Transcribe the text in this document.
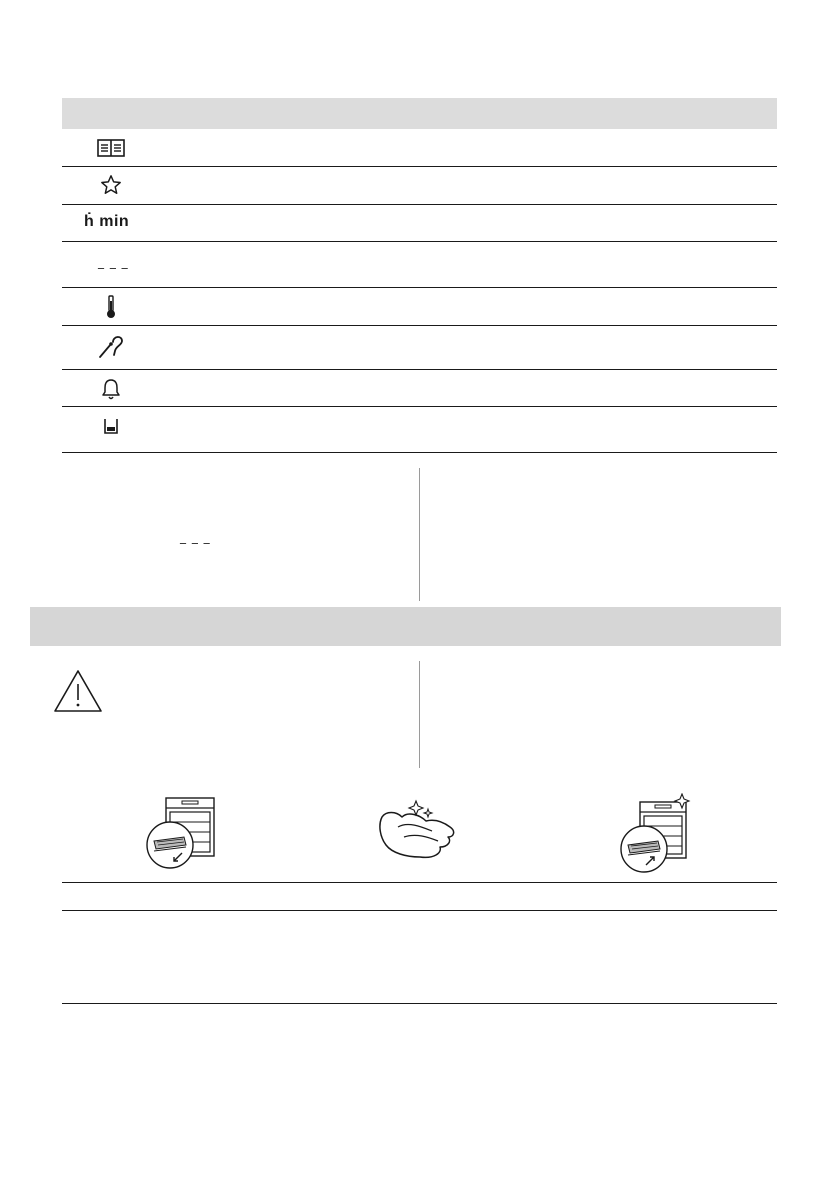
ḣ min
_ _ _
_ _ _
